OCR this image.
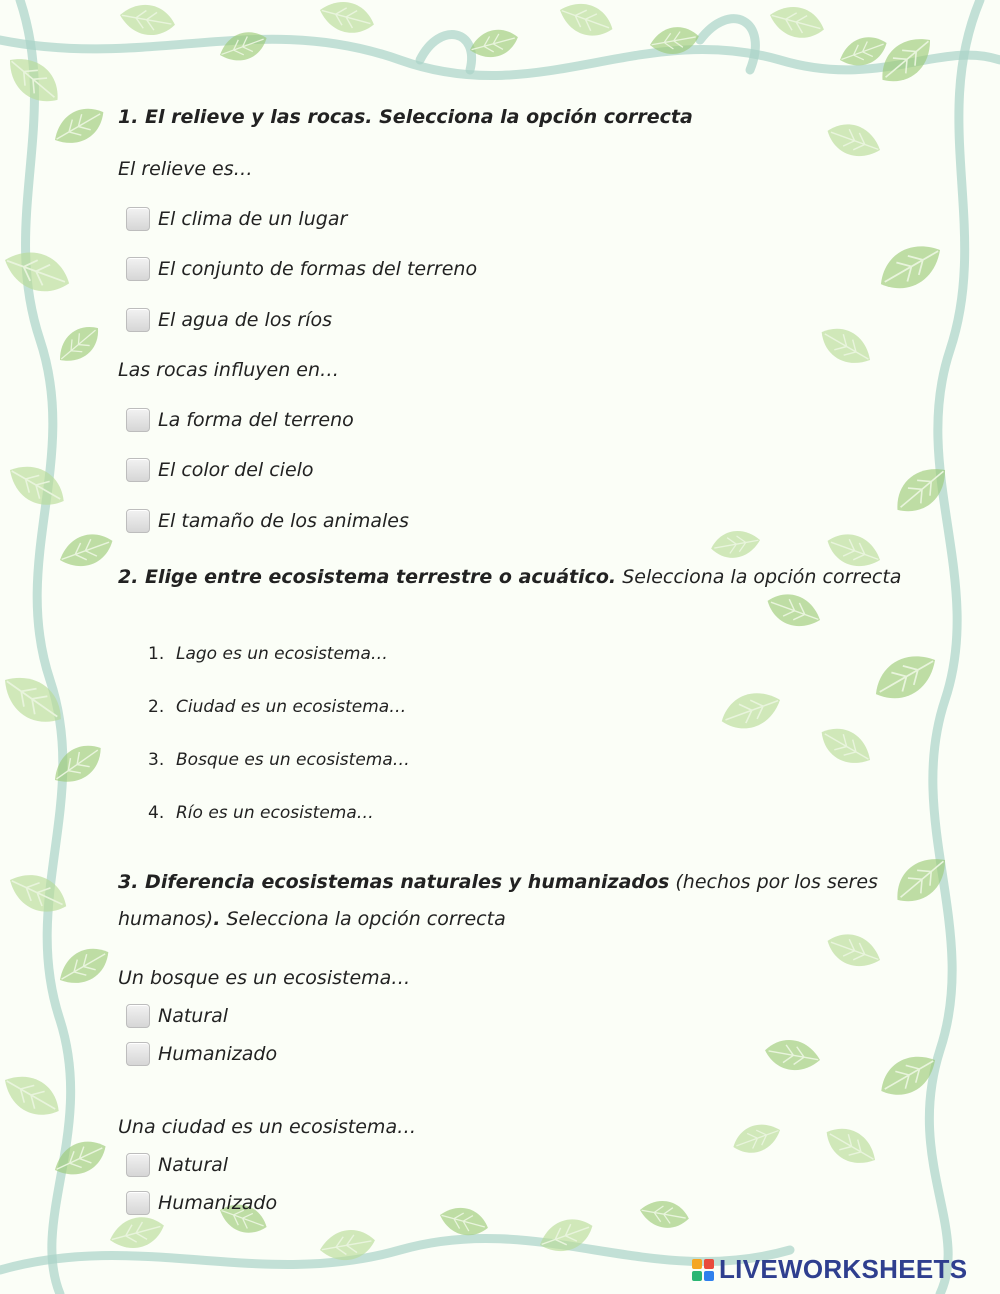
1. El relieve y las rocas. Selecciona la opción correcta
El relieve es…
El clima de un lugar
El conjunto de formas del terreno
El agua de los ríos
Las rocas influyen en…
La forma del terreno
El color del cielo
El tamaño de los animales
2. Elige entre ecosistema terrestre o acuático. Selecciona la opción correcta
1. Lago es un ecosistema…
2. Ciudad es un ecosistema…
3. Bosque es un ecosistema…
4. Río es un ecosistema…
3. Diferencia ecosistemas naturales y humanizados (hechos por los seres
humanos). Selecciona la opción correcta
Un bosque es un ecosistema…
Natural
Humanizado
Una ciudad es un ecosistema…
Natural
Humanizado
LIVEWORKSHEETS
